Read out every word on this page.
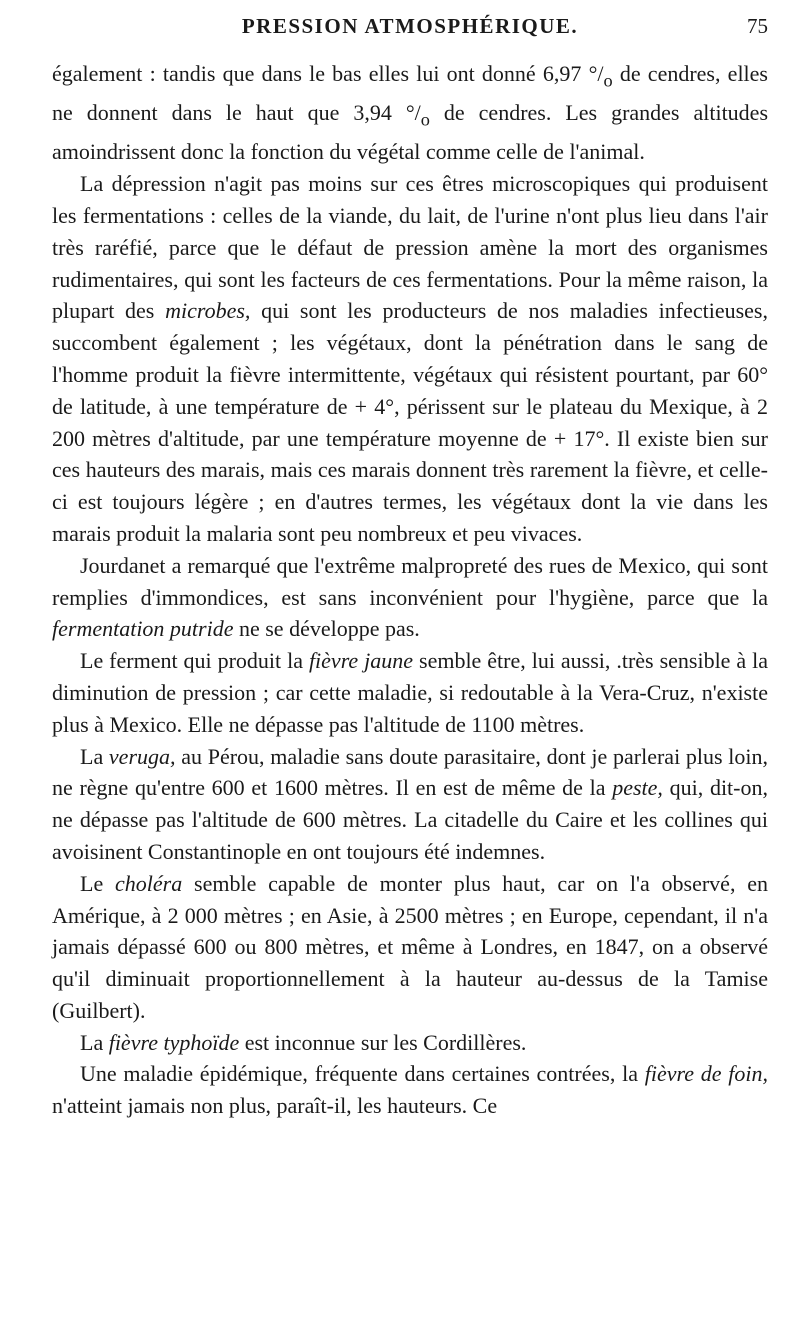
PRESSION ATMOSPHÉRIQUE.	75

également : tandis que dans le bas elles lui ont donné 6,97 $^\circ/_o$ de cendres, elles ne donnent dans le haut que 3,94 $^\circ/_o$ de cendres. Les grandes altitudes amoindrissent donc la fonction du végétal comme celle de l'animal.

La dépression n'agit pas moins sur ces êtres microscopiques qui produisent les fermentations : celles de la viande, du lait, de l'urine n'ont plus lieu dans l'air très raréfié, parce que le défaut de pression amène la mort des organismes rudimentaires, qui sont les facteurs de ces fermentations. Pour la même raison, la plupart des microbes, qui sont les producteurs de nos maladies infectieuses, succombent également ; les végétaux, dont la pénétration dans le sang de l'homme produit la fièvre intermittente, végétaux qui résistent pourtant, par 60° de latitude, à une température de + 4°, périssent sur le plateau du Mexique, à 2 200 mètres d'altitude, par une température moyenne de + 17°. Il existe bien sur ces hauteurs des marais, mais ces marais donnent très rarement la fièvre, et celle-ci est toujours légère ; en d'autres termes, les végétaux dont la vie dans les marais produit la malaria sont peu nombreux et peu vivaces.

Jourdanet a remarqué que l'extrême malpropreté des rues de Mexico, qui sont remplies d'immondices, est sans inconvénient pour l'hygiène, parce que la fermentation putride ne se développe pas.

Le ferment qui produit la fièvre jaune semble être, lui aussi, .très sensible à la diminution de pression ; car cette maladie, si redoutable à la Vera-Cruz, n'existe plus à Mexico. Elle ne dépasse pas l'altitude de 1100 mètres.

La veruga, au Pérou, maladie sans doute parasitaire, dont je parlerai plus loin, ne règne qu'entre 600 et 1600 mètres. Il en est de même de la peste, qui, dit-on, ne dépasse pas l'altitude de 600 mètres. La citadelle du Caire et les collines qui avoisinent Constantinople en ont toujours été indemnes.

Le choléra semble capable de monter plus haut, car on l'a observé, en Amérique, à 2 000 mètres ; en Asie, à 2500 mètres ; en Europe, cependant, il n'a jamais dépassé 600 ou 800 mètres, et même à Londres, en 1847, on a observé qu'il diminuait proportionnellement à la hauteur au-dessus de la Tamise (Guilbert).

La fièvre typhoïde est inconnue sur les Cordillères.

Une maladie épidémique, fréquente dans certaines contrées, la fièvre de foin, n'atteint jamais non plus, paraît-il, les hauteurs. Ce
